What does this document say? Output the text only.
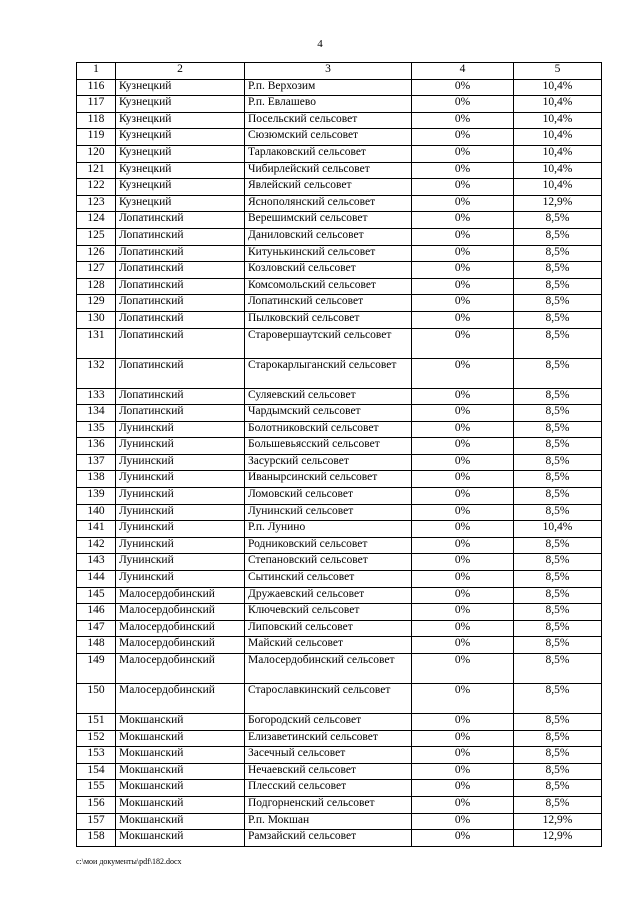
4
1	2	3	4	5
116	Кузнецкий	Р.п. Верхозим	0%	10,4%
117	Кузнецкий	Р.п. Евлашево	0%	10,4%
118	Кузнецкий	Посельский сельсовет	0%	10,4%
119	Кузнецкий	Сюзюмский сельсовет	0%	10,4%
120	Кузнецкий	Тарлаковский сельсовет	0%	10,4%
121	Кузнецкий	Чибирлейский сельсовет	0%	10,4%
122	Кузнецкий	Явлейский сельсовет	0%	10,4%
123	Кузнецкий	Яснополянский сельсовет	0%	12,9%
124	Лопатинский	Верешимский сельсовет	0%	8,5%
125	Лопатинский	Даниловский сельсовет	0%	8,5%
126	Лопатинский	Китунькинский сельсовет	0%	8,5%
127	Лопатинский	Козловский сельсовет	0%	8,5%
128	Лопатинский	Комсомольский сельсовет	0%	8,5%
129	Лопатинский	Лопатинский сельсовет	0%	8,5%
130	Лопатинский	Пылковский сельсовет	0%	8,5%
131	Лопатинский	Старовершаутский сельсовет	0%	8,5%
132	Лопатинский	Старокарлыганский сельсовет	0%	8,5%
133	Лопатинский	Суляевский сельсовет	0%	8,5%
134	Лопатинский	Чардымский сельсовет	0%	8,5%
135	Лунинский	Болотниковский сельсовет	0%	8,5%
136	Лунинский	Большевьясский сельсовет	0%	8,5%
137	Лунинский	Засурский сельсовет	0%	8,5%
138	Лунинский	Иванырсинский сельсовет	0%	8,5%
139	Лунинский	Ломовский сельсовет	0%	8,5%
140	Лунинский	Лунинский сельсовет	0%	8,5%
141	Лунинский	Р.п. Лунино	0%	10,4%
142	Лунинский	Родниковский сельсовет	0%	8,5%
143	Лунинский	Степановский сельсовет	0%	8,5%
144	Лунинский	Сытинский сельсовет	0%	8,5%
145	Малосердобинский	Дружаевский сельсовет	0%	8,5%
146	Малосердобинский	Ключевский сельсовет	0%	8,5%
147	Малосердобинский	Липовский сельсовет	0%	8,5%
148	Малосердобинский	Майский сельсовет	0%	8,5%
149	Малосердобинский	Малосердобинский сельсовет	0%	8,5%
150	Малосердобинский	Старославкинский сельсовет	0%	8,5%
151	Мокшанский	Богородский сельсовет	0%	8,5%
152	Мокшанский	Елизаветинский сельсовет	0%	8,5%
153	Мокшанский	Засечный сельсовет	0%	8,5%
154	Мокшанский	Нечаевский сельсовет	0%	8,5%
155	Мокшанский	Плесский сельсовет	0%	8,5%
156	Мокшанский	Подгорненский сельсовет	0%	8,5%
157	Мокшанский	Р.п. Мокшан	0%	12,9%
158	Мокшанский	Рамзайский сельсовет	0%	12,9%
c:\мои документы\pdf\182.docx
